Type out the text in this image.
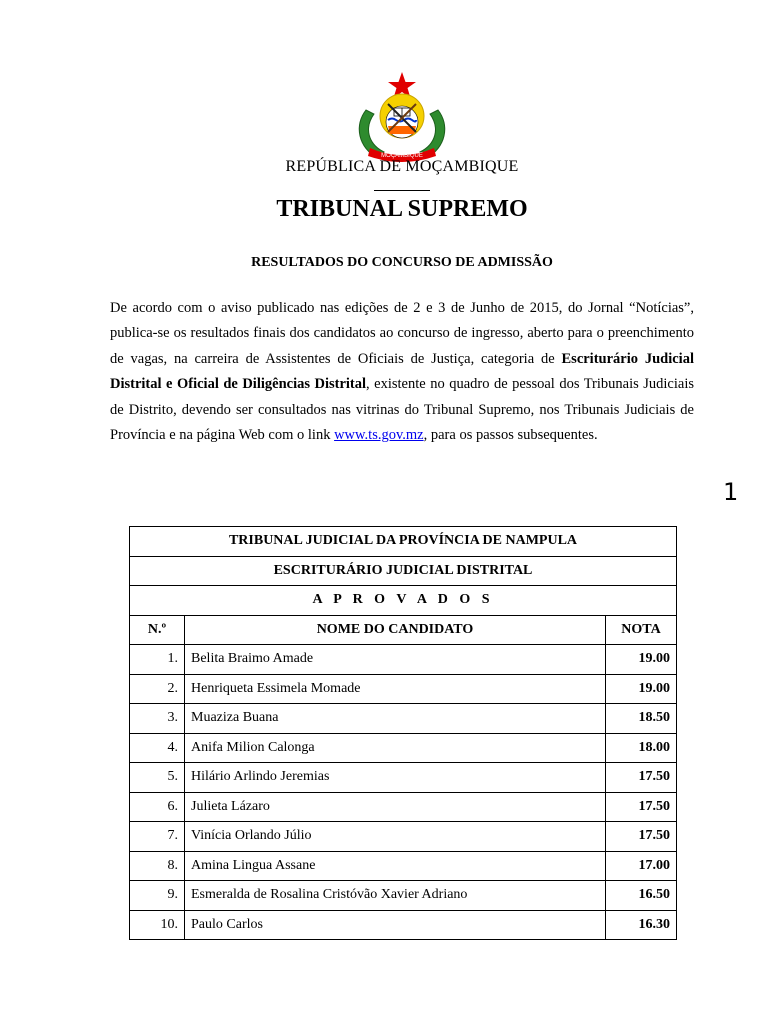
MOÇAMBIQUE
REPÚBLICA DE MOÇAMBIQUE
TRIBUNAL SUPREMO
RESULTADOS DO CONCURSO DE ADMISSÃO

De acordo com o aviso publicado nas edições de 2 e 3 de Junho de 2015, do Jornal “Notícias”, publica-se os resultados finais dos candidatos ao concurso de ingresso, aberto para o preenchimento de vagas, na carreira de Assistentes de Oficiais de Justiça, categoria de Escriturário Judicial Distrital e Oficial de Diligências Distrital, existente no quadro de pessoal dos Tribunais Judiciais de Distrito, devendo ser consultados nas vitrinas do Tribunal Supremo, nos Tribunais Judiciais de Província e na página Web com o link www.ts.gov.mz, para os passos subsequentes.

1
TRIBUNAL JUDICIAL DA PROVÍNCIA DE NAMPULA		
ESCRITURÁRIO JUDICIAL DISTRITAL		
A P R O V A D O S		
N.º	NOME DO CANDIDATO	NOTA
1.	Belita Braimo Amade	19.00
2.	Henriqueta Essimela Momade	19.00
3.	Muaziza Buana	18.50
4.	Anifa Milion Calonga	18.00
5.	Hilário Arlindo Jeremias	17.50
6.	Julieta Lázaro	17.50
7.	Vinícia Orlando Júlio	17.50
8.	Amina Lingua Assane	17.00
9.	Esmeralda de Rosalina Cristóvão Xavier Adriano	16.50
10.	Paulo Carlos	16.30
